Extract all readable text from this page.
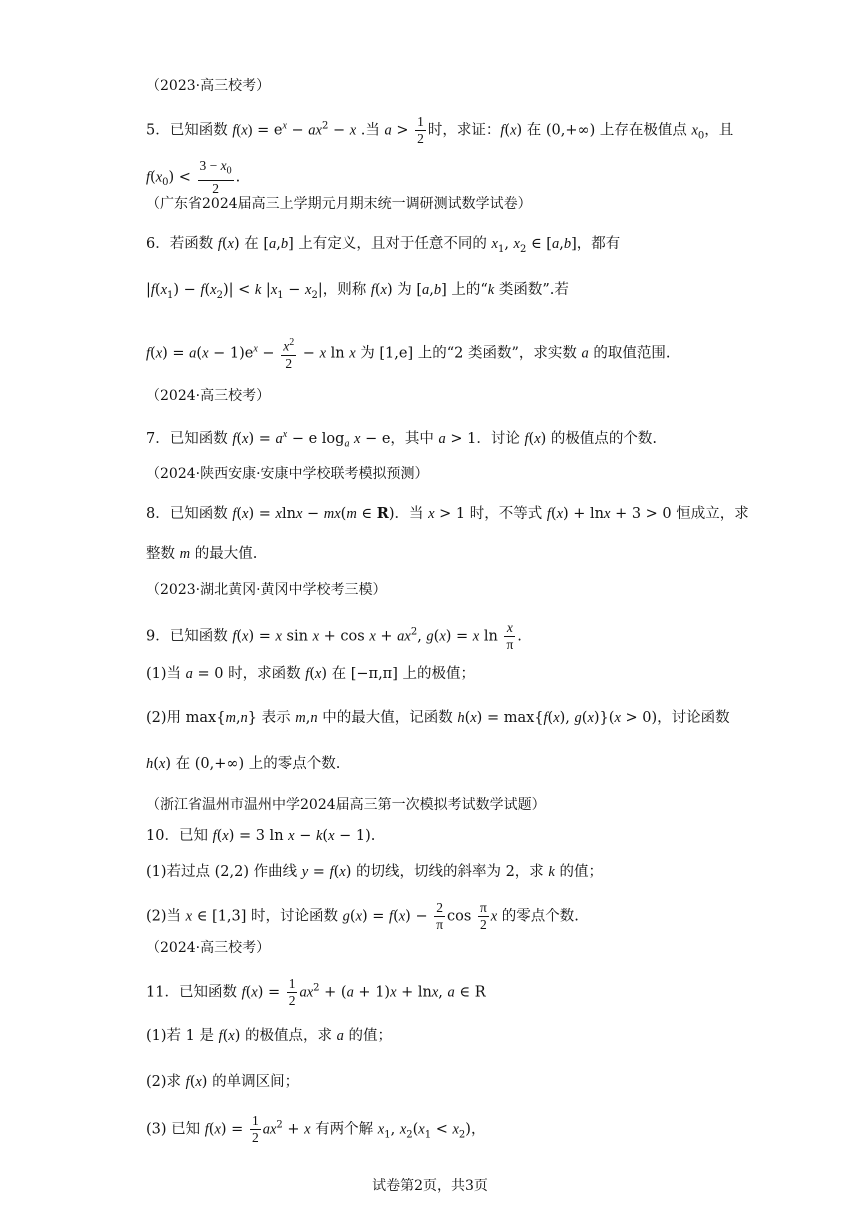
（2023·高三校考）
5．已知函数 $f(x) = e^x - ax^2 - x$ .当 $a > \frac{1}{2}$ 时，求证：f(x) 在 (0,+∞) 上存在极值点 $x_0$，且
$f(x_0) < \frac{3 - x_0}{2}$ .
（广东省2024届高三上学期元月期末统一调研测试数学试卷）
6．若函数 f(x) 在 [a,b] 上有定义，且对于任意不同的 $x_1$, $x_2$ ∈ [a,b]，都有
$|f(x_1) - f(x_2)| < k$ $|x_1 - x_2|$，则称 f(x) 为 [a,b] 上的“k 类函数”.若
$f(x) = a(x - 1)e^x - \frac{x^2}{2} - x$ ln x 为 [1,e] 上的“2 类函数”，求实数 a 的取值范围.
（2024·高三校考）
7．已知函数 $f(x) = a^x - e$ $\log_a x - e$，其中 a > 1．讨论 f(x) 的极值点的个数.
（2024·陕西安康·安康中学校联考模拟预测）
8．已知函数 f(x) = xlnx − mx(m ∈ R)．当 x > 1 时，不等式 f(x) + lnx + 3 > 0 恒成立，求
整数 m 的最大值.
（2023·湖北黄冈·黄冈中学校考三模）
9．已知函数 f(x) = x $\sin x + \cos x + ax^2$, g(x) = x $\ln \frac{x}{\pi}$ .
(1)当 a = 0 时，求函数 f(x) 在 [−π,π] 上的极值；
(2)用 max{m,n} 表示 m,n 中的最大值，记函数 h(x) = max{f(x), g(x)}(x > 0)，讨论函数
h(x) 在 (0,+∞) 上的零点个数.
（浙江省温州市温州中学2024届高三第一次模拟考试数学试题）
10．已知 f(x) = 3 ln x − k(x − 1).
(1)若过点 (2,2) 作曲线 y = f(x) 的切线，切线的斜率为 2，求 k 的值；
(2)当 x ∈ [1,3] 时，讨论函数 $g(x) = f(x) - \frac{2}{\pi}$ $\cos \frac{\pi}{2}$ x 的零点个数.
（2024·高三校考）
11．已知函数 $f(x) = \frac{1}{2} ax^2 + (a + 1)x + \ln x$, a ∈ R
(1)若 1 是 f(x) 的极值点，求 a 的值；
(2)求 f(x) 的单调区间；
(3) 已知 $f(x) = \frac{1}{2} ax^2 + x$ 有两个解 $x_1$, $x_2(x_1 < x_2)$，
试卷第2页，共3页
